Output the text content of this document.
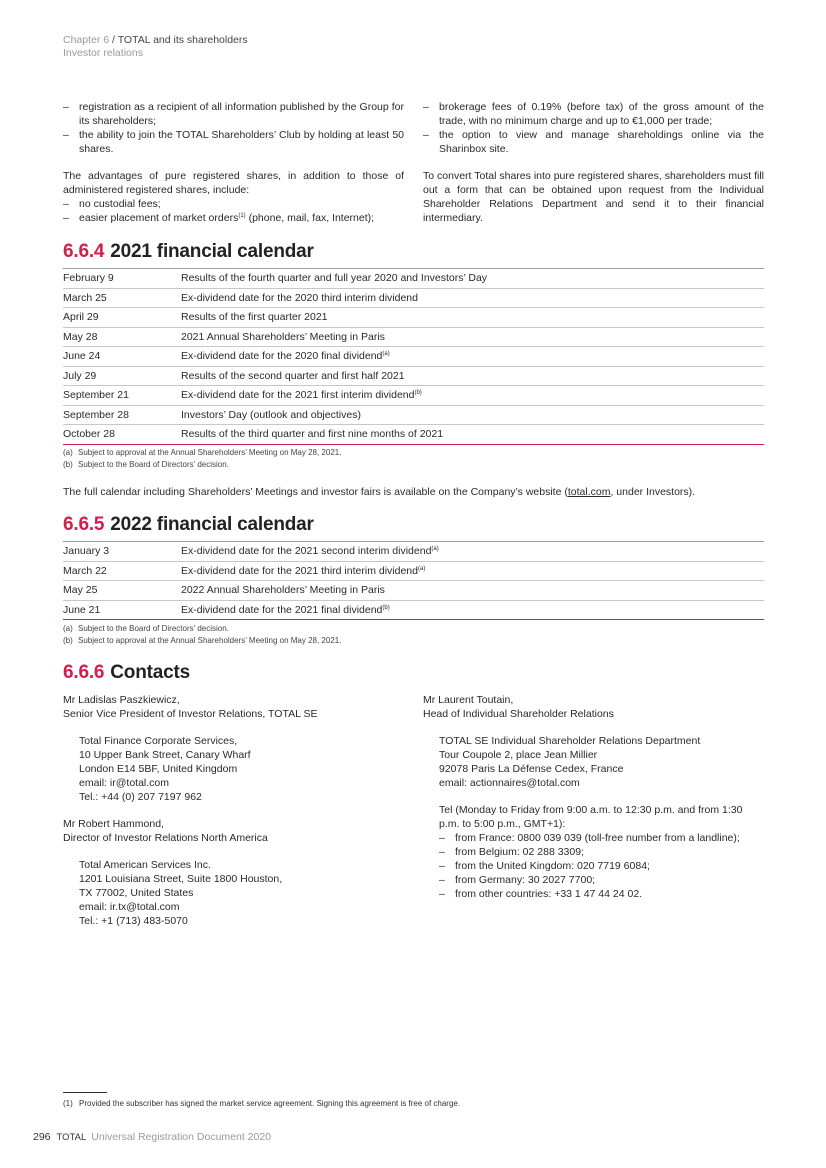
Chapter 6 / TOTAL and its shareholders
Investor relations

– registration as a recipient of all information published by the Group for its shareholders;

– the ability to join the TOTAL Shareholders’ Club by holding at least 50 shares.

The advantages of pure registered shares, in addition to those of administered registered shares, include:

– no custodial fees;

– easier placement of market orders$^{(1)}$ (phone, mail, fax, Internet);

– brokerage fees of 0.19% (before tax) of the gross amount of the trade, with no minimum charge and up to €1,000 per trade;

– the option to view and manage shareholdings online via the Sharinbox site.

To convert Total shares into pure registered shares, shareholders must fill out a form that can be obtained upon request from the Individual Shareholder Relations Department and send it to their financial intermediary.

6.6.4 2021 financial calendar
February 9	Results of the fourth quarter and full year 2020 and Investors’ Day
March 25	Ex-dividend date for the 2020 third interim dividend
April 29	Results of the first quarter 2021
May 28	2021 Annual Shareholders’ Meeting in Paris
June 24	Ex-dividend date for the 2020 final dividend$^{(a)}$
July 29	Results of the second quarter and first half 2021
September 21	Ex-dividend date for the 2021 first interim dividend$^{(b)}$
September 28	Investors’ Day (outlook and objectives)
October 28	Results of the third quarter and first nine months of 2021
(a) Subject to approval at the Annual Shareholders’ Meeting on May 28, 2021.
(b) Subject to the Board of Directors’ decision.
The full calendar including Shareholders’ Meetings and investor fairs is available on the Company’s website (total.com, under Investors).
6.6.5 2022 financial calendar
January 3	Ex-dividend date for the 2021 second interim dividend$^{(a)}$
March 22	Ex-dividend date for the 2021 third interim dividend$^{(a)}$
May 25	2022 Annual Shareholders’ Meeting in Paris
June 21	Ex-dividend date for the 2021 final dividend$^{(b)}$
(a) Subject to the Board of Directors’ decision.
(b) Subject to approval at the Annual Shareholders’ Meeting on May 28, 2021.
6.6.6 Contacts

Mr Ladislas Paszkiewicz,

Senior Vice President of Investor Relations, TOTAL SE

Total Finance Corporate Services,

10 Upper Bank Street, Canary Wharf

London E14 5BF, United Kingdom

email: ir@total.com

Tel.: +44 (0) 207 7197 962

Mr Robert Hammond,

Director of Investor Relations North America

Total American Services Inc.

1201 Louisiana Street, Suite 1800 Houston,

TX 77002, United States

email: ir.tx@total.com

Tel.: +1 (713) 483-5070

Mr Laurent Toutain,

Head of Individual Shareholder Relations

TOTAL SE Individual Shareholder Relations Department

Tour Coupole 2, place Jean Millier

92078 Paris La Défense Cedex, France

email: actionnaires@total.com

Tel (Monday to Friday from 9:00 a.m. to 12:30 p.m. and from 1:30 p.m. to 5:00 p.m., GMT+1):

– from France: 0800 039 039 (toll-free number from a landline);

– from Belgium: 02 288 3309;

– from the United Kingdom: 020 7719 6084;

– from Germany: 30 2027 7700;

– from other countries: +33 1 47 44 24 02.

(1) Provided the subscriber has signed the market service agreement. Signing this agreement is free of charge.
296 TOTAL Universal Registration Document 2020
